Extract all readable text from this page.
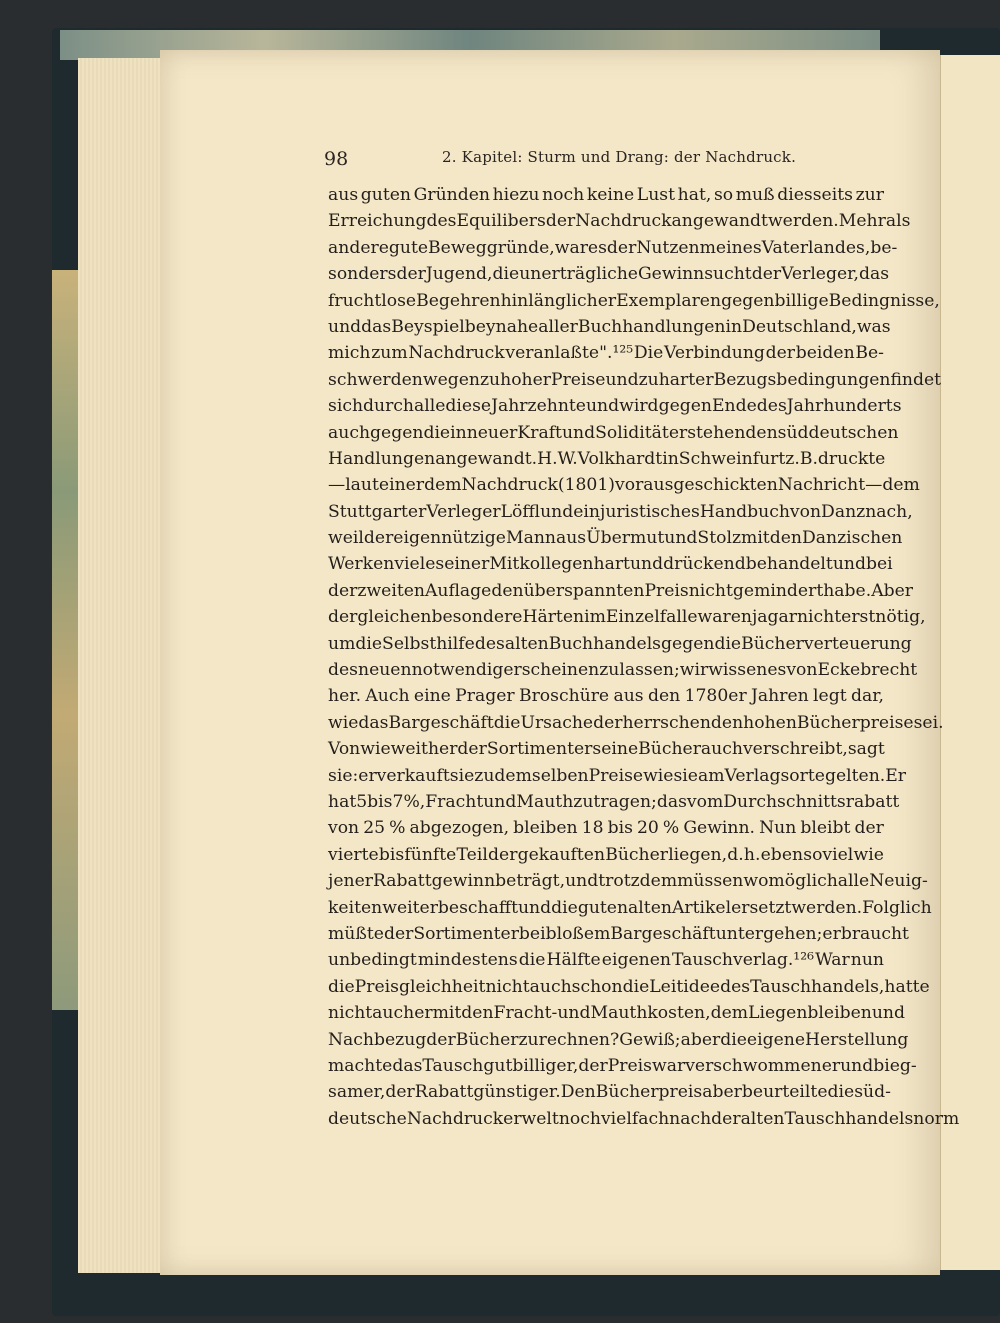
98	2. Kapitel: Sturm und Drang: der Nachdruck.
aus guten Gründen hiezu noch keine Lust hat, so muß diesseits zur
Erreichung des Equilibers der Nachdruck angewandt werden. Mehr als
andere gute Beweggründe, war es der Nutzen meines Vaterlandes, be-
sonders der Jugend, die unerträgliche Gewinnsucht der Verleger, das
fruchtlose Begehren hinlänglicher Exemplaren gegen billige Bedingnisse,
und das Beyspiel beynahe aller Buchhandlungen in Deutschland, was
mich zum Nachdruck veranlaßte".¹²⁵ Die Verbindung der beiden Be-
schwerden wegen zu hoher Preise und zu harter Bezugsbedingungen findet
sich durch alle diese Jahrzehnte und wird gegen Ende des Jahrhunderts
auch gegen die in neuer Kraft und Solidität erstehenden süddeutschen
Handlungen angewandt. H. W. Volkhardt in Schweinfurt z. B. druckte
— laut einer dem Nachdruck (1801) vorausgeschickten Nachricht — dem
Stuttgarter Verleger Löfflund ein juristisches Handbuch von Danz nach,
weil der eigennützige Mann aus Übermut und Stolz mit den Danzischen
Werken viele seiner Mitkollegen hart und drückend behandelt und bei
der zweiten Auflage den überspannten Preis nicht gemindert habe. Aber
dergleichen besondere Härten im Einzelfalle waren ja gar nicht erst nötig,
um die Selbsthilfe des alten Buchhandels gegen die Bücherverteuerung
des neuen notwendig erscheinen zu lassen; wir wissen es von Eckebrecht
her. Auch eine Prager Broschüre aus den 1780er Jahren legt dar,
wie das Bargeschäft die Ursache der herrschenden hohen Bücherpreise sei.
Von wie weit her der Sortimenter seine Bücher auch verschreibt, sagt
sie: er verkauft sie zu demselben Preise wie sie am Verlagsorte gelten. Er
hat 5 bis 7 %, Fracht und Mauth zu tragen; das vom Durchschnittsrabatt
von 25 % abgezogen, bleiben 18 bis 20 % Gewinn. Nun bleibt der
vierte bis fünfte Teil der gekauften Bücher liegen, d. h. eben soviel wie
jener Rabattgewinn beträgt, und trotzdem müssen womöglich alle Neuig-
keiten weiter beschafft und die guten alten Artikel ersetzt werden. Folglich
müßte der Sortimenter bei bloßem Bargeschäft untergehen; er braucht
unbedingt mindestens die Hälfte eigenen Tauschverlag.¹²⁶ War nun
die Preisgleichheit nicht auch schon die Leitidee des Tauschhandels, hatte
nicht auch er mit den Fracht- und Mauthkosten, dem Liegenbleiben und
Nachbezug der Bücher zu rechnen? Gewiß; aber die eigene Herstellung
machte das Tauschgut billiger, der Preis war verschwommener und bieg-
samer, der Rabatt günstiger. Den Bücherpreis aber beurteilte die süd-
deutsche Nachdruckerwelt noch vielfach nach der alten Tauschhandelsnorm
